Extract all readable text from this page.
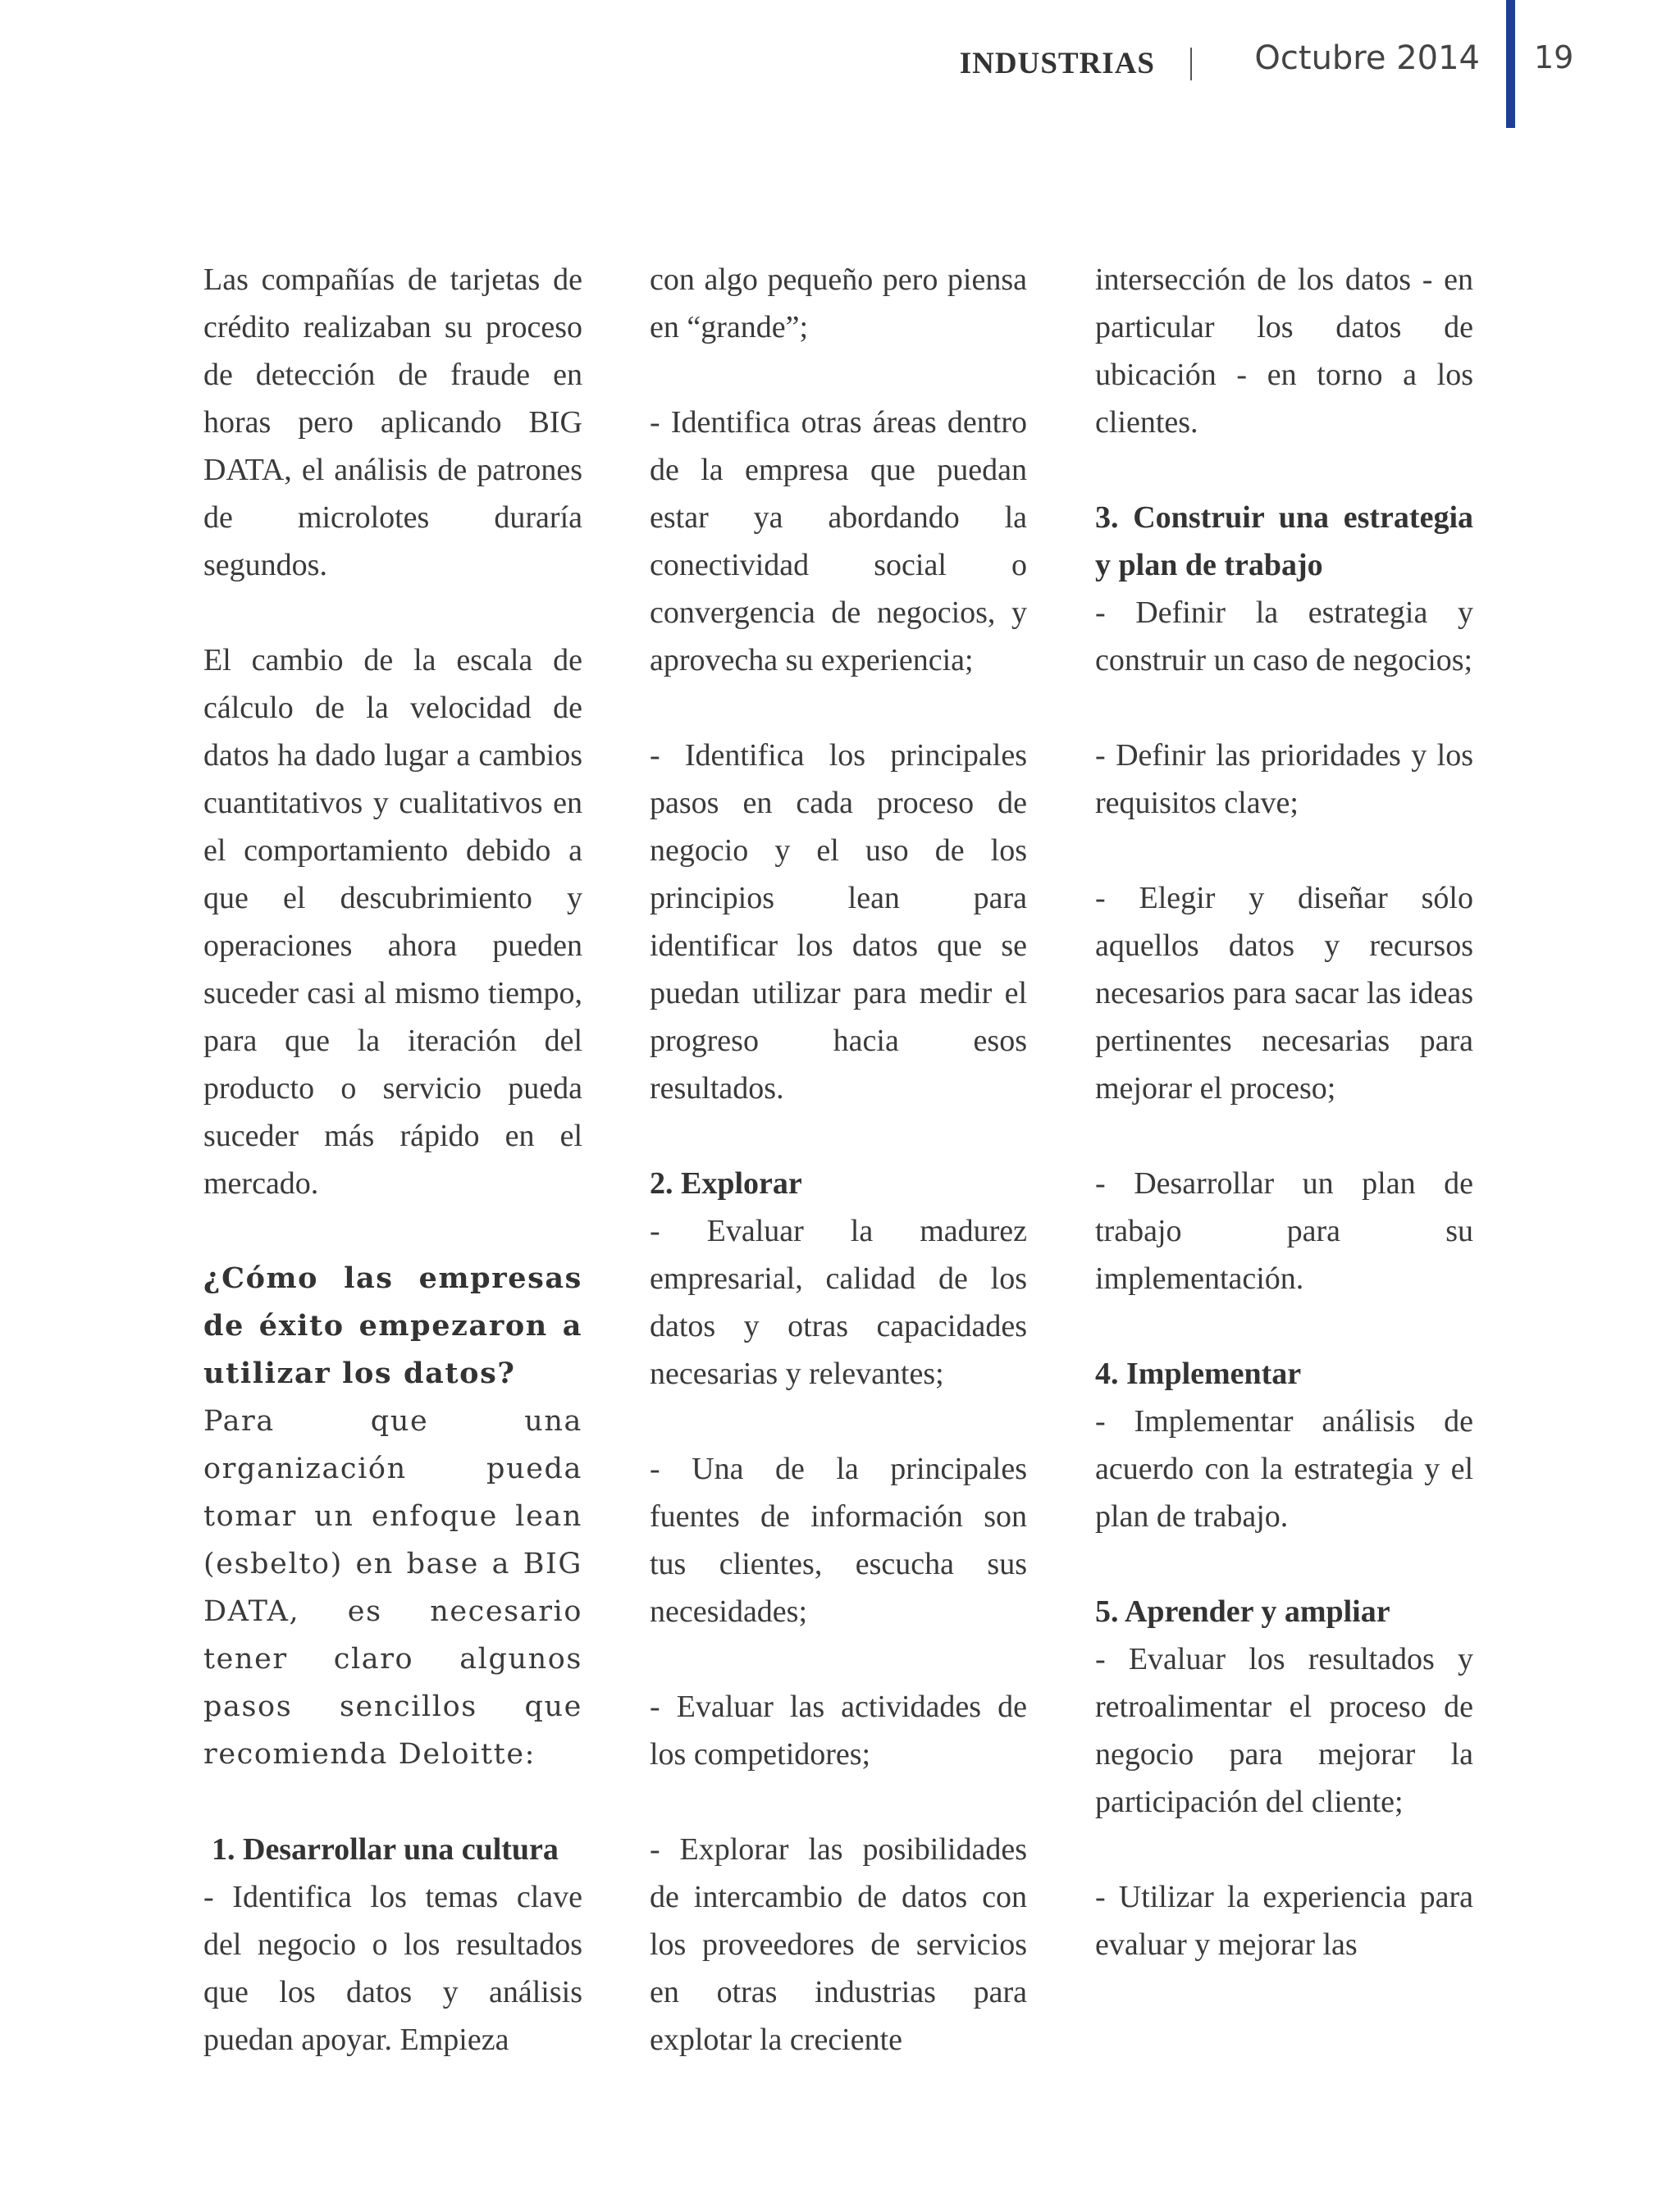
INDUSTRIAS	Octubre 2014 19

Las compañías de tarjetas de crédito realizaban su proceso de detección de fraude en horas pero aplicando BIG DATA, el análisis de patrones de microlotes duraría segundos.

El cambio de la escala de cálculo de la velocidad de datos ha dado lugar a cambios cuantitativos y cualitativos en el comportamiento debido a que el descubrimiento y operaciones ahora pueden suceder casi al mismo tiempo, para que la iteración del producto o servicio pueda suceder más rápido en el mercado.

¿Cómo las empresas de éxito empezaron a utilizar los datos?

Para que una organización pueda tomar un enfoque lean (esbelto) en base a BIG DATA, es necesario tener claro algunos pasos sencillos que recomienda Deloitte:

1. Desarrollar una cultura

- Identifica los temas clave del negocio o los resultados que los datos y análisis puedan apoyar. Empieza

con algo pequeño pero piensa en “grande”;

- Identifica otras áreas dentro de la empresa que puedan estar ya abordando la conectividad social o convergencia de negocios, y aprovecha su experiencia;

- Identifica los principales pasos en cada proceso de negocio y el uso de los principios lean para identificar los datos que se puedan utilizar para medir el progreso hacia esos resultados.

2. Explorar

- Evaluar la madurez empresarial, calidad de los datos y otras capacidades necesarias y relevantes;

- Una de la principales fuentes de información son tus clientes, escucha sus necesidades;

- Evaluar las actividades de los competidores;

- Explorar las posibilidades de intercambio de datos con los proveedores de servicios en otras industrias para explotar la creciente

intersección de los datos - en particular los datos de ubicación - en torno a los clientes.

3. Construir una estrategia y plan de trabajo

- Definir la estrategia y construir un caso de negocios;

- Definir las prioridades y los requisitos clave;

- Elegir y diseñar sólo aquellos datos y recursos necesarios para sacar las ideas pertinentes necesarias para mejorar el proceso;

- Desarrollar un plan de trabajo para su implementación.

4. Implementar

- Implementar análisis de acuerdo con la estrategia y el plan de trabajo.

5. Aprender y ampliar

- Evaluar los resultados y retroalimentar el proceso de negocio para mejorar la participación del cliente;

- Utilizar la experiencia para evaluar y mejorar las
